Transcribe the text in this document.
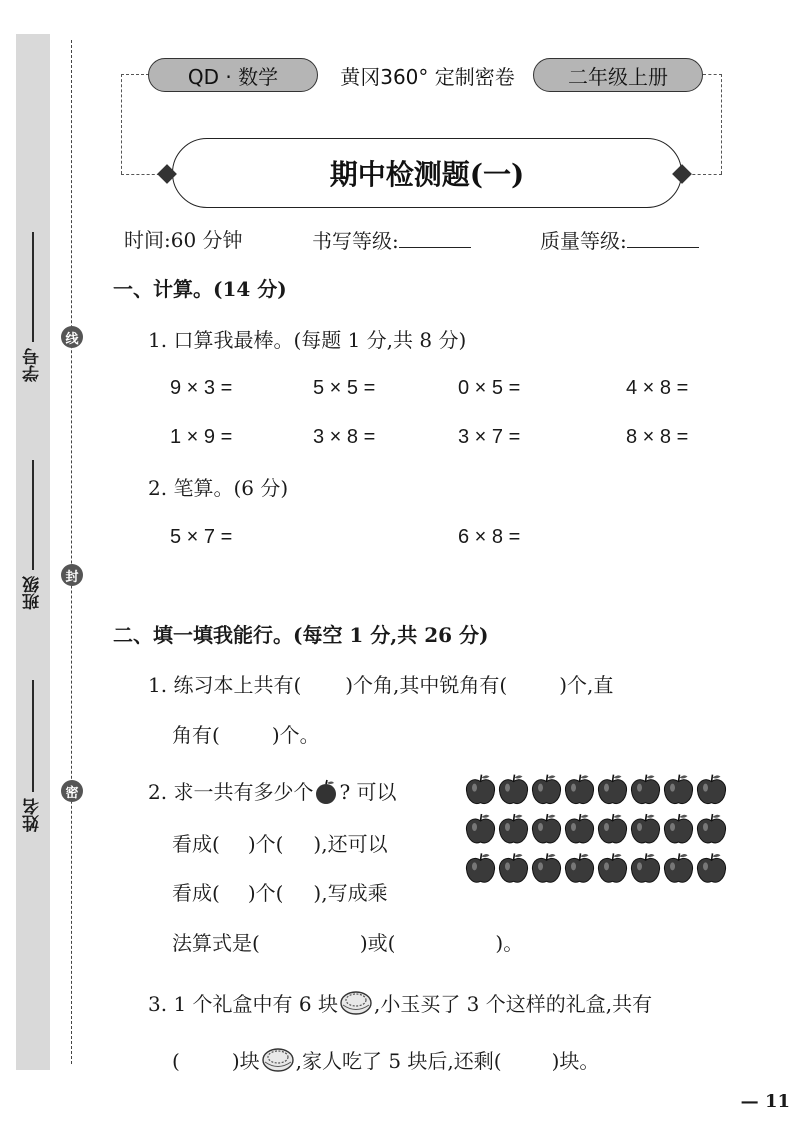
学号
班级
姓名
线
封
密
QD · 数学	黄冈360° 定制密卷	二年级上册
期中检测题(一)
时间:60 分钟	书写等级:	质量等级:
一、计算。(14 分)
1. 口算我最棒。(每题 1 分,共 8 分)
9 × 3 =	5 × 5 =	0 × 5 =	4 × 8 =
1 × 9 =	3 × 8 =	3 × 7 =	8 × 8 =
2. 笔算。(6 分)
5 × 7 =	6 × 8 =
二、填一填我能行。(每空 1 分,共 26 分)
1. 练习本上共有( )个角,其中锐角有(	)个,直
角有(	)个。
2. 求一共有多少个 ? 可以
看成( )个( ),还可以
看成( )个( ),写成乘
法算式是(	)或(	)。
3. 1 个礼盒中有 6 块 ,小玉买了 3 个这样的礼盒,共有
(	)块 ,家人吃了 5 块后,还剩(	)块。
— 11
